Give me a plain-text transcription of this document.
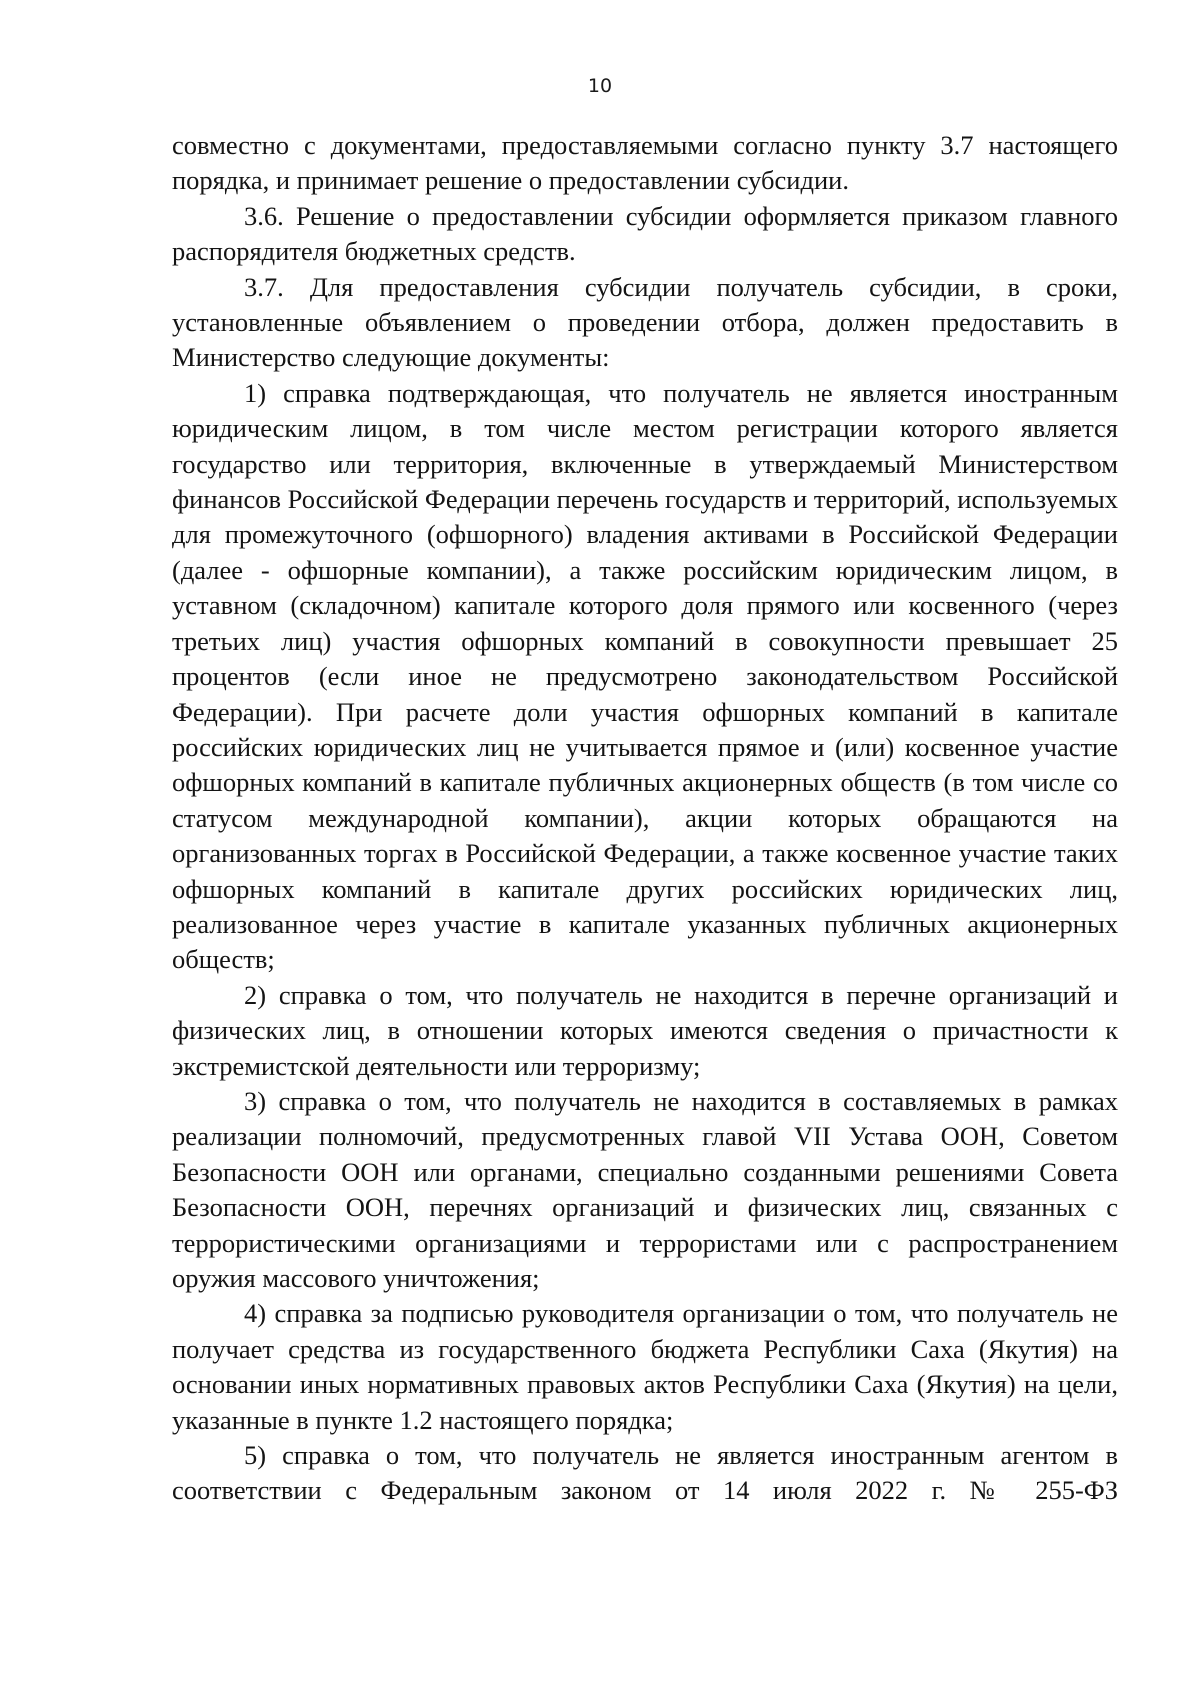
10

совместно с документами, предоставляемыми согласно пункту 3.7 настоящего порядка, и принимает решение о предоставлении субсидии.

3.6. Решение о предоставлении субсидии оформляется приказом главного распорядителя бюджетных средств.

3.7. Для предоставления субсидии получатель субсидии, в сроки, установленные объявлением о проведении отбора, должен предоставить в Министерство следующие документы:

1) справка подтверждающая, что получатель не является иностранным юридическим лицом, в том числе местом регистрации которого является государство или территория, включенные в утверждаемый Министерством финансов Российской Федерации перечень государств и территорий, используемых для промежуточного (офшорного) владения активами в Российской Федерации (далее - офшорные компании), а также российским юридическим лицом, в уставном (складочном) капитале которого доля прямого или косвенного (через третьих лиц) участия офшорных компаний в совокупности превышает 25 процентов (если иное не предусмотрено законодательством Российской Федерации). При расчете доли участия офшорных компаний в капитале российских юридических лиц не учитывается прямое и (или) косвенное участие офшорных компаний в капитале публичных акционерных обществ (в том числе со статусом международной компании), акции которых обращаются на организованных торгах в Российской Федерации, а также косвенное участие таких офшорных компаний в капитале других российских юридических лиц, реализованное через участие в капитале указанных публичных акционерных обществ;

2) справка о том, что получатель не находится в перечне организаций и физических лиц, в отношении которых имеются сведения о причастности к экстремистской деятельности или терроризму;

3) справка о том, что получатель не находится в составляемых в рамках реализации полномочий, предусмотренных главой VII Устава ООН, Советом Безопасности ООН или органами, специально созданными решениями Совета Безопасности ООН, перечнях организаций и физических лиц, связанных с террористическими организациями и террористами или с распространением оружия массового уничтожения;

4) справка за подписью руководителя организации о том, что получатель не получает средства из государственного бюджета Республики Саха (Якутия) на основании иных нормативных правовых актов Республики Саха (Якутия) на цели, указанные в пункте 1.2 настоящего порядка;

5) справка о том, что получатель не является иностранным агентом в соответствии с Федеральным законом от 14 июля 2022 г. № 255-ФЗ
